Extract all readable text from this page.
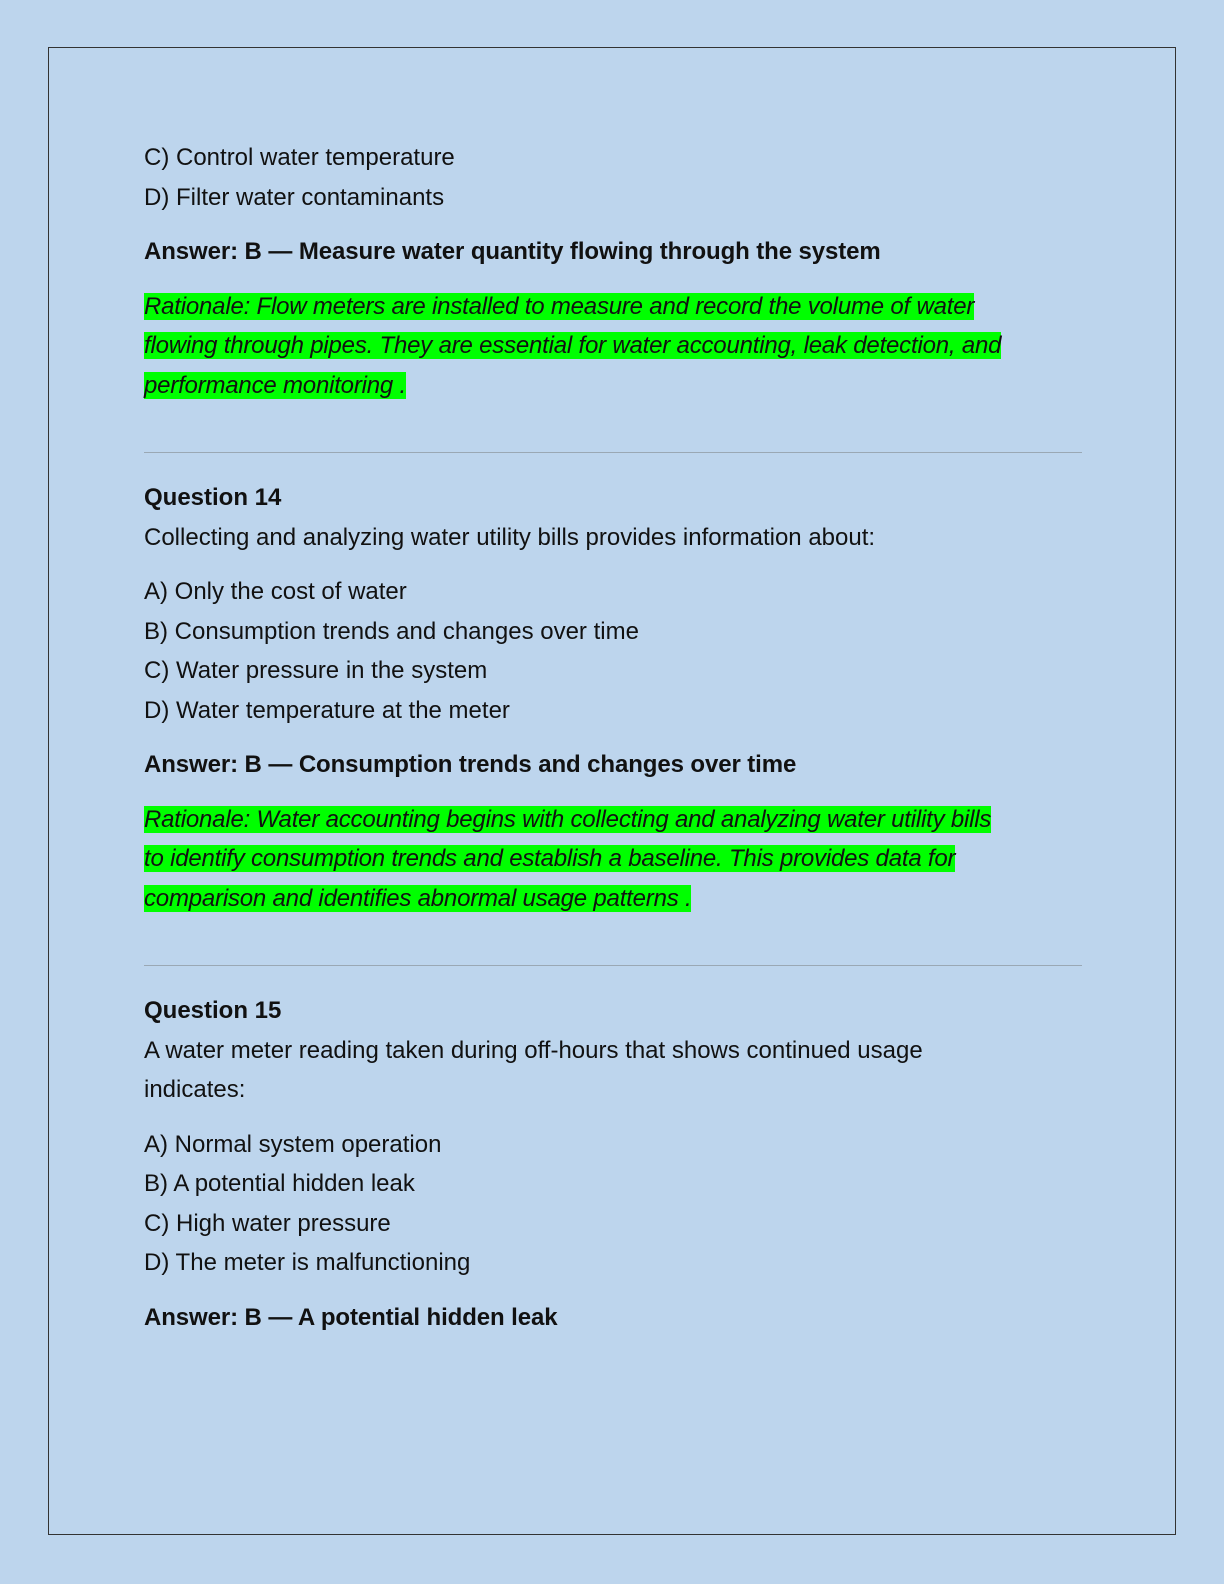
C) Control water temperature
D) Filter water contaminants
Answer: B — Measure water quantity flowing through the system
Rationale: Flow meters are installed to measure and record the volume of water
flowing through pipes. They are essential for water accounting, leak detection, and
performance monitoring .
Question 14
Collecting and analyzing water utility bills provides information about:
A) Only the cost of water
B) Consumption trends and changes over time
C) Water pressure in the system
D) Water temperature at the meter
Answer: B — Consumption trends and changes over time
Rationale: Water accounting begins with collecting and analyzing water utility bills
to identify consumption trends and establish a baseline. This provides data for
comparison and identifies abnormal usage patterns .
Question 15
A water meter reading taken during off-hours that shows continued usage
indicates:
A) Normal system operation
B) A potential hidden leak
C) High water pressure
D) The meter is malfunctioning
Answer: B — A potential hidden leak
